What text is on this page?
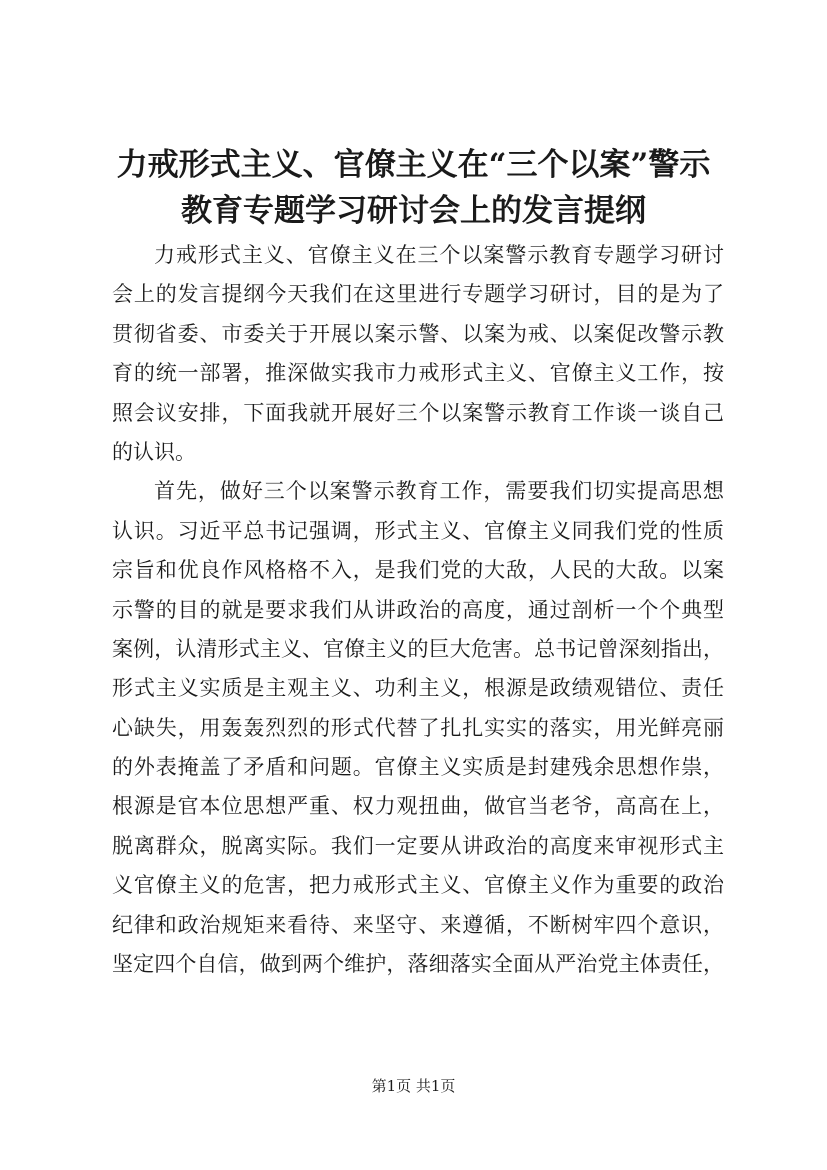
力戒形式主义、官僚主义在“三个以案”警示
教育专题学习研讨会上的发言提纲
力戒形式主义、官僚主义在三个以案警示教育专题学习研讨
会上的发言提纲今天我们在这里进行专题学习研讨，目的是为了
贯彻省委、市委关于开展以案示警、以案为戒、以案促改警示教
育的统一部署，推深做实我市力戒形式主义、官僚主义工作，按
照会议安排，下面我就开展好三个以案警示教育工作谈一谈自己
的认识。
首先，做好三个以案警示教育工作，需要我们切实提高思想
认识。习近平总书记强调，形式主义、官僚主义同我们党的性质
宗旨和优良作风格格不入，是我们党的大敌，人民的大敌。以案
示警的目的就是要求我们从讲政治的高度，通过剖析一个个典型
案例，认清形式主义、官僚主义的巨大危害。总书记曾深刻指出，
形式主义实质是主观主义、功利主义，根源是政绩观错位、责任
心缺失，用轰轰烈烈的形式代替了扎扎实实的落实，用光鲜亮丽
的外表掩盖了矛盾和问题。官僚主义实质是封建残余思想作祟，
根源是官本位思想严重、权力观扭曲，做官当老爷，高高在上，
脱离群众，脱离实际。我们一定要从讲政治的高度来审视形式主
义官僚主义的危害，把力戒形式主义、官僚主义作为重要的政治
纪律和政治规矩来看待、来坚守、来遵循，不断树牢四个意识，
坚定四个自信，做到两个维护，落细落实全面从严治党主体责任，
第1页 共1页
